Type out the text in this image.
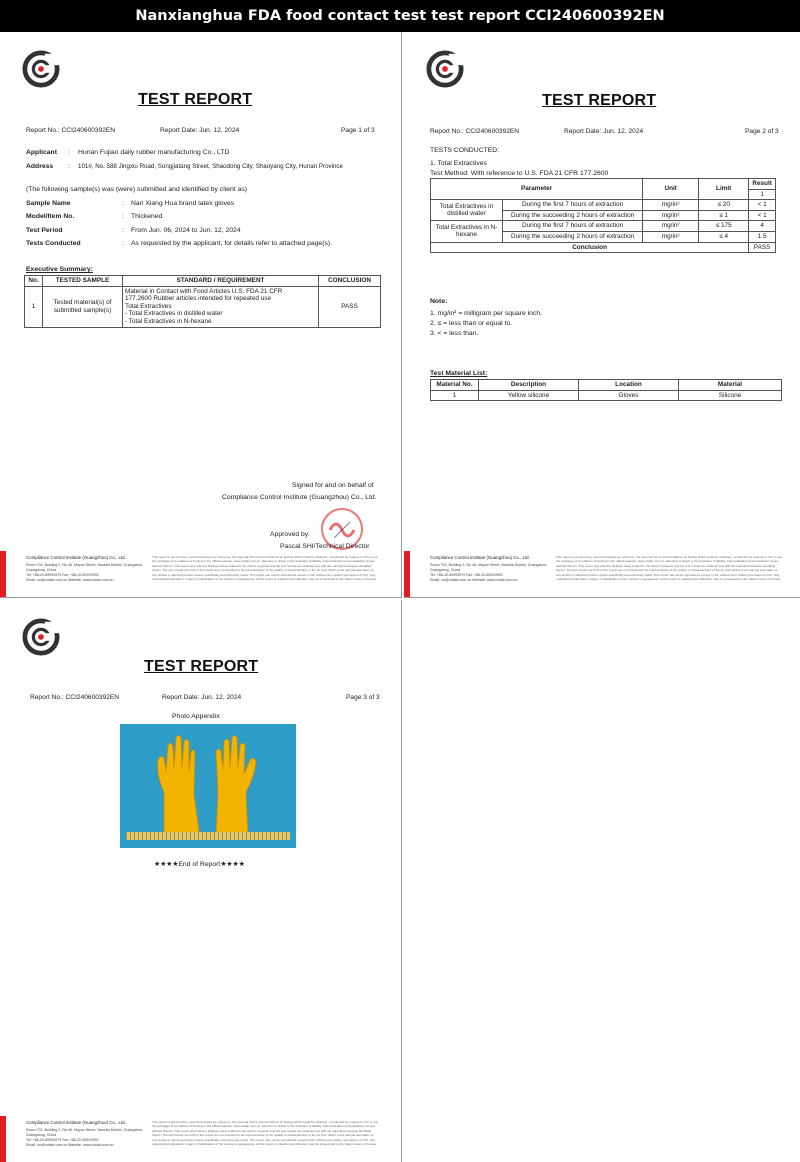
Nanxianghua FDA food contact test test report CCI240600392EN
TEST REPORT
Report No.: CCI240600392EN	Report Date: Jun. 12, 2024	Page 1 of 3
Applicant : Hunan Fujiao daily rubber manufacturing Co., LTD
Address : 101#, No. 588 Jingxiu Road, Songjiatang Street, Shaodong City, Shaoyang City, Hunan Province
(The following sample(s) was (were) submitted and identified by client as)
Sample Name	: Nan Xiang Hua brand latex gloves
Model/Item No.	: Thickened
Test Period	: From Jun. 06, 2024 to Jun. 12, 2024
Tests Conducted	: As requested by the applicant, for details refer to attached page(s).
Executive Summary:
No.	TESTED SAMPLE	STANDARD / REQUIREMENT	CONCLUSION
1	Tested material(s) of submitted sample(s)	Material in Contact with Food Articles U.S. FDA 21 CFR
177.2600 Rubber articles intended for repeated use
Total Extractives
- Total Extractives in distilled water
- Total Extractives in N-hexane	PASS
Signed for and on behalf of
Compliance Control Institute (Guangzhou) Co., Ltd.
Approved by:
Pascal SHI/Technical Director
Compliance Control Institute (Guangzhou) Co., Ltd.
Room 701, Building 2, No.46, Mayun Street, Nansha District, Guangzhou, Guangdong, China
Tel: +86-20-89993979 Fax: +86-20-89919993
Email: cci@cctiab.com.cn Website: www.cctiab.com.cn
This report is governed by, and incorporates by reference, the General Terms and Conditions of Testing which could be obtained - conducted by request to CCI or via the webpage of Conditions of Testing in the official website: www.cctiab.com.cn. Attention is drawn to the limitation of liability, indemnification and jurisdiction issues defined therein. This report only tells the findings solely related to the client's requests and the test results are obtained just with the submitted samples identified herein. The test results set forth in this report are not intended to be representative of the quality or characteristics of the lot from which a test sample was taken or any similar or identical product unless specifically and expressly noted. This report can not be reproduced except in full, without prior written permission of CCI. Any unauthorized alteration, forgery or falsification of the content or appearance of this report is unlawful and offenders may be prosecuted to the fullest extent of the law.
TEST REPORT
Report No.: CCI240600392EN	Report Date: Jun. 12, 2024	Page 2 of 3
TESTS CONDUCTED:
1. Total Extractives
Test Method: With reference to U.S. FDA 21 CFR 177.2600
Parameter		Unit	Limit	Result
				1
Total Extractives in distilled water	During the first 7 hours of extraction	mg/in²	≤ 20	< 1
	During the succeeding 2 hours of extraction	mg/in²	≤ 1	< 1
Total Extractives in N-hexane	During the first 7 hours of extraction	mg/in²	≤ 175	4
	During the succeeding 2 hours of extraction	mg/in²	≤ 4	1.5
Conclusion				PASS
Note:
1. mg/in² = milligram per square inch.
2. ≤ = less than or equal to.
3. < = less than.
Test Material List:
Material No.	Description	Location	Material
1	Yellow silicone	Gloves	Silicone
Compliance Control Institute (Guangzhou) Co., Ltd.
Room 701, Building 2, No.46, Mayun Street, Nansha District, Guangzhou, Guangdong, China
Tel: +86-20-89993979 Fax: +86-20-89919993
Email: cci@cctiab.com.cn Website: www.cctiab.com.cn
This report is governed by, and incorporates by reference, the General Terms and Conditions of Testing which could be obtained - conducted by request to CCI or via the webpage of Conditions of Testing in the official website: www.cctiab.com.cn. Attention is drawn to the limitation of liability, indemnification and jurisdiction issues defined therein. This report only tells the findings solely related to the client's requests and the test results are obtained just with the submitted samples identified herein. The test results set forth in this report are not intended to be representative of the quality or characteristics of the lot from which a test sample was taken or any similar or identical product unless specifically and expressly noted. This report can not be reproduced except in full, without prior written permission of CCI. Any unauthorized alteration, forgery or falsification of the content or appearance of this report is unlawful and offenders may be prosecuted to the fullest extent of the law.
TEST REPORT
Report No.: CCI240600392EN	Report Date: Jun. 12, 2024	Page 3 of 3
Photo Appendix
★★★★End of Report★★★★
Compliance Control Institute (Guangzhou) Co., Ltd.
Room 701, Building 2, No.46, Mayun Street, Nansha District, Guangzhou, Guangdong, China
Tel: +86-20-89993979 Fax: +86-20-89919993
Email: cci@cctiab.com.cn Website: www.cctiab.com.cn
This report is governed by, and incorporates by reference, the General Terms and Conditions of Testing which could be obtained - conducted by request to CCI or via the webpage of Conditions of Testing in the official website: www.cctiab.com.cn. Attention is drawn to the limitation of liability, indemnification and jurisdiction issues defined therein. This report only tells the findings solely related to the client's requests and the test results are obtained just with the submitted samples identified herein. The test results set forth in this report are not intended to be representative of the quality or characteristics of the lot from which a test sample was taken or any similar or identical product unless specifically and expressly noted. This report can not be reproduced except in full, without prior written permission of CCI. Any unauthorized alteration, forgery or falsification of the content or appearance of this report is unlawful and offenders may be prosecuted to the fullest extent of the law.
